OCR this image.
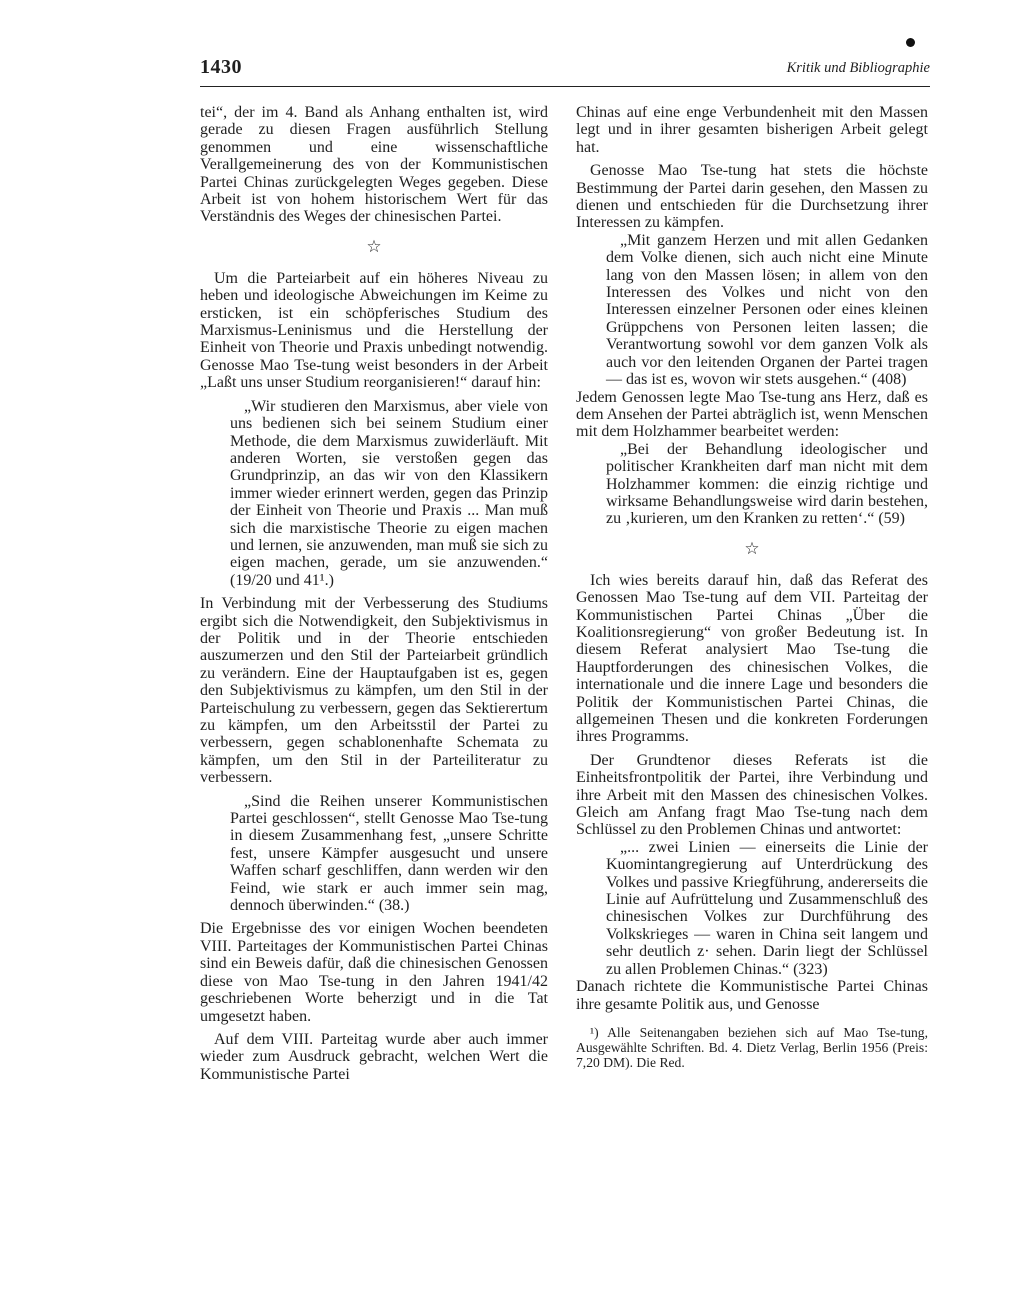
1430	Kritik und Bibliographie

tei“, der im 4. Band als Anhang enthalten ist, wird gerade zu diesen Fragen ausführlich Stellung genommen und eine wissenschaftliche Verallgemeinerung des von der Kommunistischen Partei Chinas zurückgelegten Weges gegeben. Diese Arbeit ist von hohem historischem Wert für das Verständnis des Weges der chinesischen Partei.

☆

Um die Parteiarbeit auf ein höheres Niveau zu heben und ideologische Abweichungen im Keime zu ersticken, ist ein schöpferisches Studium des Marxismus-Leninismus und die Herstellung der Einheit von Theorie und Praxis unbedingt notwendig. Genosse Mao Tse-tung weist besonders in der Arbeit „Laßt uns unser Studium reorganisieren!“ darauf hin:

„Wir studieren den Marxismus, aber viele von uns bedienen sich bei seinem Studium einer Methode, die dem Marxismus zuwiderläuft. Mit anderen Worten, sie verstoßen gegen das Grundprinzip, an das wir von den Klassikern immer wieder erinnert werden, gegen das Prinzip der Einheit von Theorie und Praxis ... Man muß sich die marxistische Theorie zu eigen machen und lernen, sie anzuwenden, man muß sie sich zu eigen machen, gerade, um sie anzuwenden.“ (19/20 und 41¹.)

In Verbindung mit der Verbesserung des Studiums ergibt sich die Notwendigkeit, den Subjektivismus in der Politik und in der Theorie entschieden auszumerzen und den Stil der Parteiarbeit gründlich zu verändern. Eine der Hauptaufgaben ist es, gegen den Subjektivismus zu kämpfen, um den Stil in der Parteischulung zu verbessern, gegen das Sektierertum zu kämpfen, um den Arbeitsstil der Partei zu verbessern, gegen schablonenhafte Schemata zu kämpfen, um den Stil in der Parteiliteratur zu verbessern.

„Sind die Reihen unserer Kommunistischen Partei geschlossen“, stellt Genosse Mao Tse-tung in diesem Zusammenhang fest, „unsere Schritte fest, unsere Kämpfer ausgesucht und unsere Waffen scharf geschliffen, dann werden wir den Feind, wie stark er auch immer sein mag, dennoch überwinden.“ (38.)

Die Ergebnisse des vor einigen Wochen beendeten VIII. Parteitages der Kommunistischen Partei Chinas sind ein Beweis dafür, daß die chinesischen Genossen diese von Mao Tse-tung in den Jahren 1941/42 geschriebenen Worte beherzigt und in die Tat umgesetzt haben.

Auf dem VIII. Parteitag wurde aber auch immer wieder zum Ausdruck gebracht, welchen Wert die Kommunistische Partei

Chinas auf eine enge Verbundenheit mit den Massen legt und in ihrer gesamten bisherigen Arbeit gelegt hat.

Genosse Mao Tse-tung hat stets die höchste Bestimmung der Partei darin gesehen, den Massen zu dienen und entschieden für die Durchsetzung ihrer Interessen zu kämpfen.

„Mit ganzem Herzen und mit allen Gedanken dem Volke dienen, sich auch nicht eine Minute lang von den Massen lösen; in allem von den Interessen des Volkes und nicht von den Interessen einzelner Personen oder eines kleinen Grüppchens von Personen leiten lassen; die Verantwortung sowohl vor dem ganzen Volk als auch vor den leitenden Organen der Partei tragen — das ist es, wovon wir stets ausgehen.“ (408)

Jedem Genossen legte Mao Tse-tung ans Herz, daß es dem Ansehen der Partei abträglich ist, wenn Menschen mit dem Holzhammer bearbeitet werden:

„Bei der Behandlung ideologischer und politischer Krankheiten darf man nicht mit dem Holzhammer kommen: die einzig richtige und wirksame Behandlungsweise wird darin bestehen, zu ‚kurieren, um den Kranken zu retten‘.“ (59)

☆

Ich wies bereits darauf hin, daß das Referat des Genossen Mao Tse-tung auf dem VII. Parteitag der Kommunistischen Partei Chinas „Über die Koalitionsregierung“ von großer Bedeutung ist. In diesem Referat analysiert Mao Tse-tung die Hauptforderungen des chinesischen Volkes, die internationale und die innere Lage und besonders die Politik der Kommunistischen Partei Chinas, die allgemeinen Thesen und die konkreten Forderungen ihres Programms.

Der Grundtenor dieses Referats ist die Einheitsfrontpolitik der Partei, ihre Verbindung und ihre Arbeit mit den Massen des chinesischen Volkes. Gleich am Anfang fragt Mao Tse-tung nach dem Schlüssel zu den Problemen Chinas und antwortet:

„... zwei Linien — einerseits die Linie der Kuomintangregierung auf Unterdrückung des Volkes und passive Kriegführung, andererseits die Linie auf Aufrüttelung und Zusammenschluß des chinesischen Volkes zur Durchführung des Volkskrieges — waren in China seit langem und sehr deutlich z· sehen. Darin liegt der Schlüssel zu allen Problemen Chinas.“ (323)

Danach richtete die Kommunistische Partei Chinas ihre gesamte Politik aus, und Genosse

¹) Alle Seitenangaben beziehen sich auf Mao Tse-tung, Ausgewählte Schriften. Bd. 4. Dietz Verlag, Berlin 1956 (Preis: 7,20 DM). Die Red.
